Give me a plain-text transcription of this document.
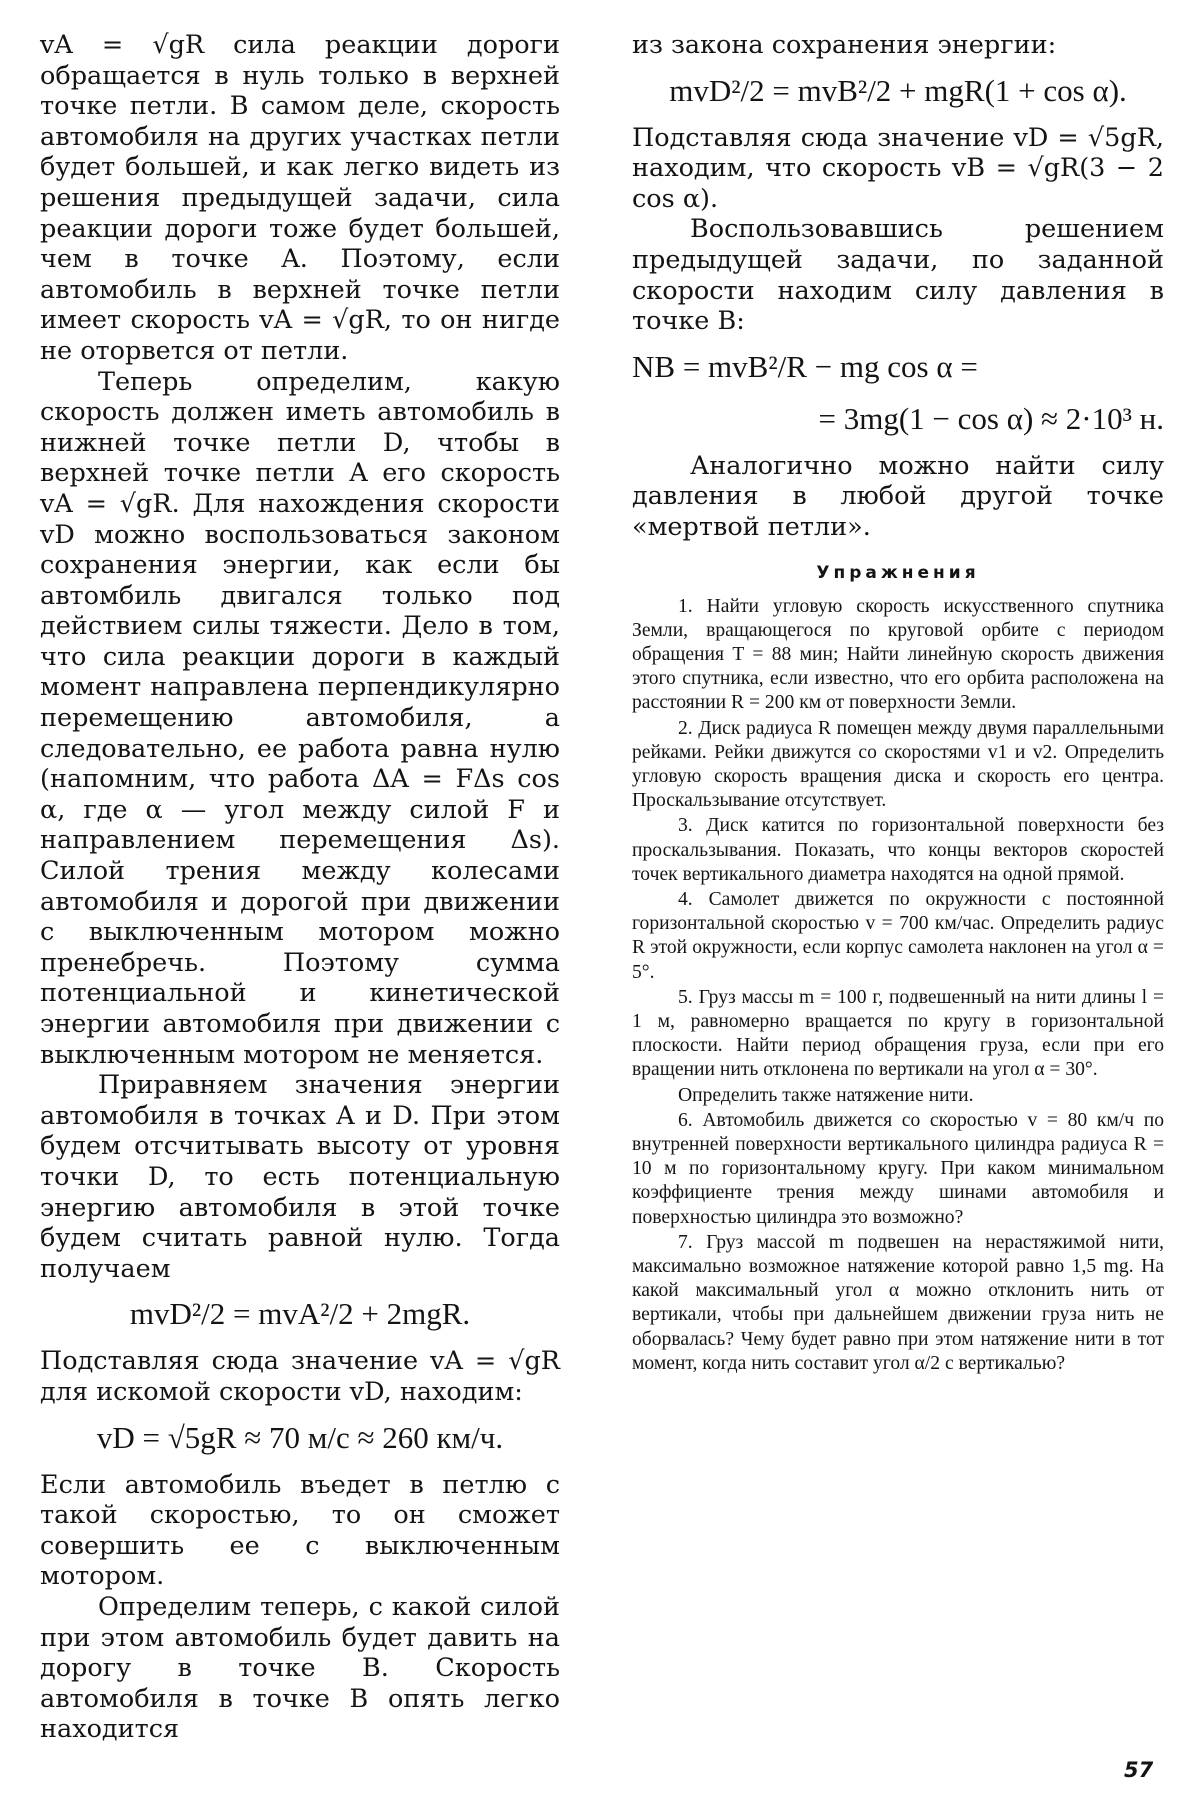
vA = √gR сила реакции дороги обращается в нуль только в верхней точке петли. В самом деле, скорость автомобиля на других участках петли будет большей, и как легко видеть из решения предыдущей задачи, сила реакции дороги тоже будет большей, чем в точке A. Поэтому, если автомобиль в верхней точке петли имеет скорость vA = √gR, то он нигде не оторвется от петли.

Теперь определим, какую скорость должен иметь автомобиль в нижней точке петли D, чтобы в верхней точке петли A его скорость vA = √gR. Для нахождения скорости vD можно воспользоваться законом сохранения энергии, как если бы автомбиль двигался только под действием силы тяжести. Дело в том, что сила реакции дороги в каждый момент направлена перпендикулярно перемещению автомобиля, а следовательно, ее работа равна нулю (напомним, что работа ΔA = FΔs cos α, где α — угол между силой F и направлением перемещения Δs). Силой трения между колесами автомобиля и дорогой при движении с выключенным мотором можно пренебречь. Поэтому сумма потенциальной и кинетической энергии автомобиля при движении с выключенным мотором не меняется.

Приравняем значения энергии автомобиля в точках A и D. При этом будем отсчитывать высоту от уровня точки D, то есть потенциальную энергию автомобиля в этой точке будем считать равной нулю. Тогда получаем

mvD²/2 = mvA²/2 + 2mgR.

Подставляя сюда значение vA = √gR для искомой скорости vD, находим:

vD = √5gR ≈ 70 м/с ≈ 260 км/ч.

Если автомобиль въедет в петлю с такой скоростью, то он сможет совершить ее с выключенным мотором.

Определим теперь, с какой силой при этом автомобиль будет давить на дорогу в точке B. Скорость автомобиля в точке B опять легко находится

из закона сохранения энергии:

mvD²/2 = mvB²/2 + mgR(1 + cos α).

Подставляя сюда значение vD = √5gR, находим, что скорость vB = √gR(3 − 2 cos α).

Воспользовавшись решением предыдущей задачи, по заданной скорости находим силу давления в точке B:

NB = mvB²/R − mg cos α =

= 3mg(1 − cos α) ≈ 2·10³ н.

Аналогично можно найти силу давления в любой другой точке «мертвой петли».

Упражнения

1. Найти угловую скорость искусственного спутника Земли, вращающегося по круговой орбите с периодом обращения T = 88 мин; Найти линейную скорость движения этого спутника, если известно, что его орбита расположена на расстоянии R = 200 км от поверхности Земли.

2. Диск радиуса R помещен между двумя параллельными рейками. Рейки движутся со скоростями v1 и v2. Определить угловую скорость вращения диска и скорость его центра. Проскальзывание отсутствует.

3. Диск катится по горизонтальной поверхности без проскальзывания. Показать, что концы векторов скоростей точек вертикального диаметра находятся на одной прямой.

4. Самолет движется по окружности с постоянной горизонтальной скоростью v = 700 км/час. Определить радиус R этой окружности, если корпус самолета наклонен на угол α = 5°.

5. Груз массы m = 100 г, подвешенный на нити длины l = 1 м, равномерно вращается по кругу в горизонтальной плоскости. Найти период обращения груза, если при его вращении нить отклонена по вертикали на угол α = 30°.

Определить также натяжение нити.

6. Автомобиль движется со скоростью v = 80 км/ч по внутренней поверхности вертикального цилиндра радиуса R = 10 м по горизонтальному кругу. При каком минимальном коэффициенте трения между шинами автомобиля и поверхностью цилиндра это возможно?

7. Груз массой m подвешен на нерастяжимой нити, максимально возможное натяжение которой равно 1,5 mg. На какой максимальный угол α можно отклонить нить от вертикали, чтобы при дальнейшем движении груза нить не оборвалась? Чему будет равно при этом натяжение нити в тот момент, когда нить составит угол α/2 с вертикалью?

57
